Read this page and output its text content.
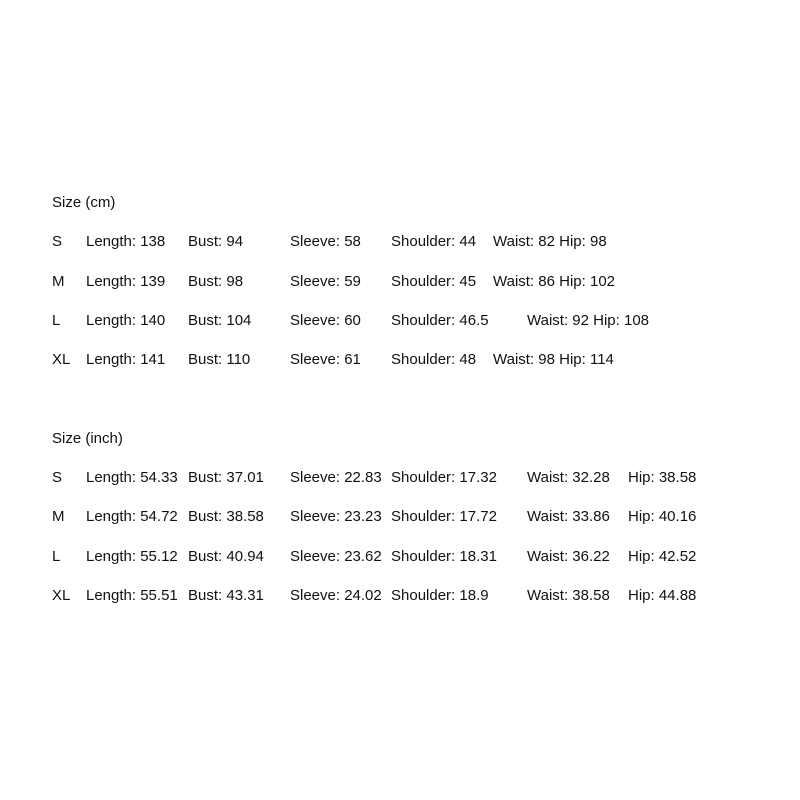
Size (cm)
S Length: 138 Bust: 94	Sleeve: 58 Shoulder: 44 Waist: 82 Hip: 98
M Length: 139 Bust: 98	Sleeve: 59 Shoulder: 45 Waist: 86 Hip: 102
L Length: 140 Bust: 104	Sleeve: 60 Shoulder: 46.5	Waist: 92 Hip: 108
XL Length: 141 Bust: 110	Sleeve: 61 Shoulder: 48 Waist: 98 Hip: 114
Size (inch)
S Length: 54.33 Bust: 37.01 Sleeve: 22.83 Shoulder: 17.32 Waist: 32.28 Hip: 38.58
M Length: 54.72 Bust: 38.58 Sleeve: 23.23 Shoulder: 17.72 Waist: 33.86 Hip: 40.16
L Length: 55.12 Bust: 40.94 Sleeve: 23.62 Shoulder: 18.31 Waist: 36.22 Hip: 42.52
XL Length: 55.51 Bust: 43.31 Sleeve: 24.02 Shoulder: 18.9	Waist: 38.58 Hip: 44.88
